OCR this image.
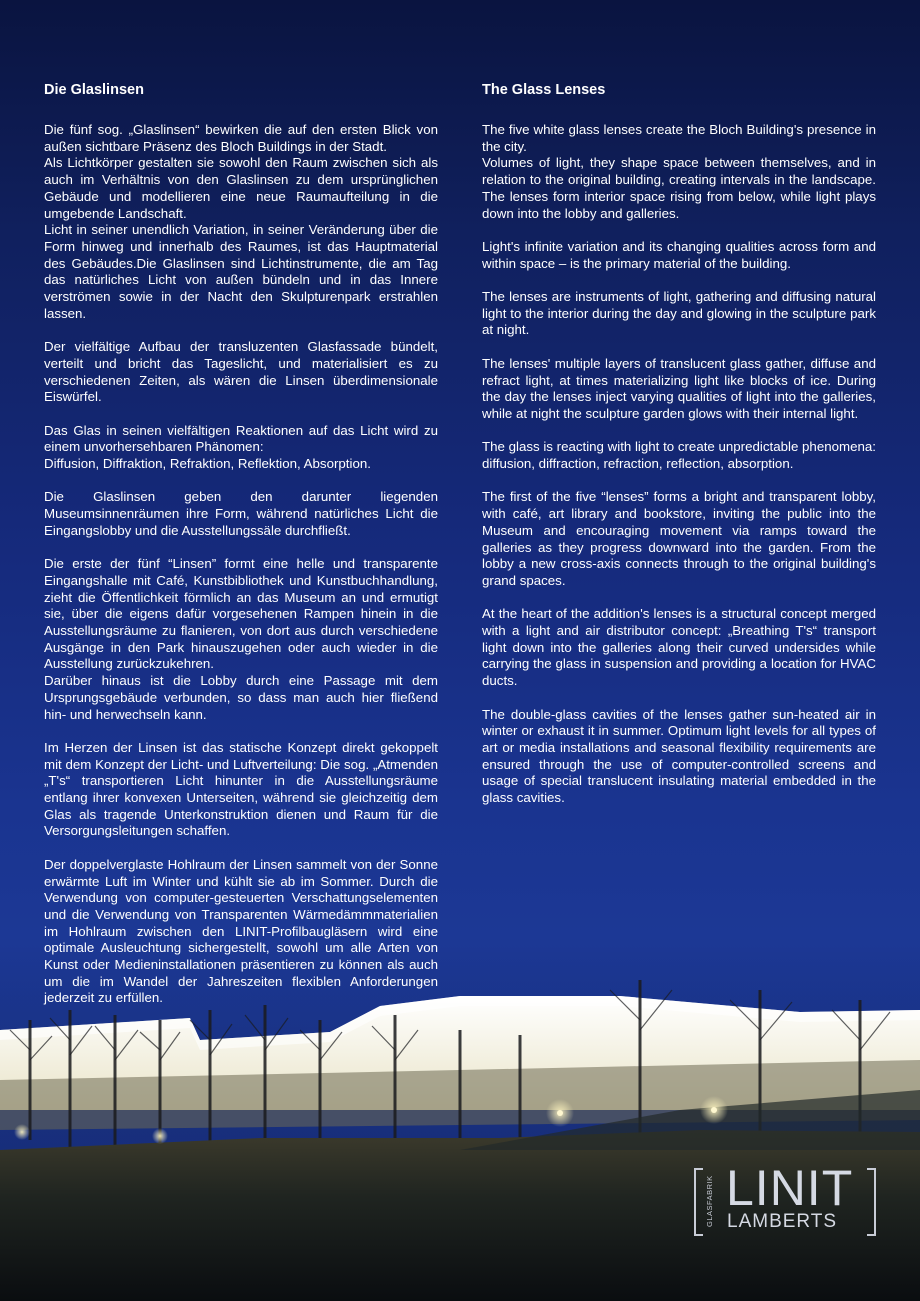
Die Glaslinsen

Die fünf sog. „Glaslinsen“ bewirken die auf den ersten Blick von außen sichtbare Präsenz des Bloch Buildings in der Stadt.
Als Lichtkörper gestalten sie sowohl den Raum zwischen sich als auch im Verhältnis von den Glaslinsen zu dem ursprünglichen Gebäude und modellieren eine neue Raumaufteilung in die umgebende Landschaft.
Licht in seiner unendlich Variation, in seiner Veränderung über die Form hinweg und innerhalb des Raumes, ist das Hauptmaterial des Gebäudes.Die Glaslinsen sind Lichtinstrumente, die am Tag das natürliches Licht von außen bündeln und in das Innere verströmen sowie in der Nacht den Skulpturenpark erstrahlen lassen.

Der vielfältige Aufbau der transluzenten Glasfassade bündelt, verteilt und bricht das Tageslicht, und materialisiert es zu verschiedenen Zeiten, als wären die Linsen überdimensionale Eiswürfel.

Das Glas in seinen vielfältigen Reaktionen auf das Licht wird zu einem unvorhersehbaren Phänomen:
Diffusion, Diffraktion, Refraktion, Reflektion, Absorption.

Die Glaslinsen geben den darunter liegenden Museumsinnenräumen ihre Form, während natürliches Licht die Eingangslobby und die Ausstellungssäle durchfließt.

Die erste der fünf “Linsen” formt eine helle und transparente Eingangshalle mit Café, Kunstbibliothek und Kunstbuchhandlung, zieht die Öffentlichkeit förmlich an das Museum an und ermutigt sie, über die eigens dafür vorgesehenen Rampen hinein in die Ausstellungsräume zu flanieren, von dort aus durch verschiedene Ausgänge in den Park hinauszugehen oder auch wieder in die Ausstellung zurückzukehren.
Darüber hinaus ist die Lobby durch eine Passage mit dem Ursprungsgebäude verbunden, so dass man auch hier fließend hin- und herwechseln kann.

Im Herzen der Linsen ist das statische Konzept direkt gekoppelt mit dem Konzept der Licht- und Luftverteilung: Die sog. „Atmenden „T's“ transportieren Licht hinunter in die Ausstellungsräume entlang ihrer konvexen Unterseiten, während sie gleichzeitig dem Glas als tragende Unterkonstruktion dienen und Raum für die Versorgungsleitungen schaffen.

Der doppelverglaste Hohlraum der Linsen sammelt von der Sonne erwärmte Luft im Winter und kühlt sie ab im Sommer. Durch die Verwendung von computer-gesteuerten Verschattungselementen und die Verwendung von Transparenten Wärmedämmmaterialien im Hohlraum zwischen den LINIT-Profilbaugläsern wird eine optimale Ausleuchtung sichergestellt, sowohl um alle Arten von Kunst oder Medieninstallationen präsentieren zu können als auch um die im Wandel der Jahreszeiten flexiblen Anforderungen jederzeit zu erfüllen.

The Glass Lenses

The five white glass lenses create the Bloch Building's presence in the city.
Volumes of light, they shape space between themselves, and in relation to the original building, creating intervals in the landscape. The lenses form interior space rising from below, while light plays down into the lobby and galleries.

Light's infinite variation and its changing qualities across form and within space – is the primary material of the building.

The lenses are instruments of light, gathering and diffusing natural light to the interior during the day and glowing in the sculpture park at night.

The lenses' multiple layers of translucent glass gather, diffuse and refract light, at times materializing light like blocks of ice. During the day the lenses inject varying qualities of light into the galleries, while at night the sculpture garden glows with their internal light.

The glass is reacting with light to create unpredictable phenomena:
diffusion, diffraction, refraction, reflection, absorption.

The first of the five “lenses” forms a bright and transparent lobby, with café, art library and bookstore, inviting the public into the Museum and encouraging movement via ramps toward the galleries as they progress downward into the garden. From the lobby a new cross-axis connects through to the original building's grand spaces.

At the heart of the addition's lenses is a structural concept merged with a light and air distributor concept: „Breathing T's“ transport light down into the galleries along their curved undersides while carrying the glass in suspension and providing a location for HVAC ducts.

The double-glass cavities of the lenses gather sun-heated air in winter or exhaust it in summer. Optimum light levels for all types of art or media installations and seasonal flexibility requirements are ensured through the use of computer-controlled screens and usage of special translucent insulating material embedded in the glass cavities.

GLASFABRIK LINIT
LAMBERTS
